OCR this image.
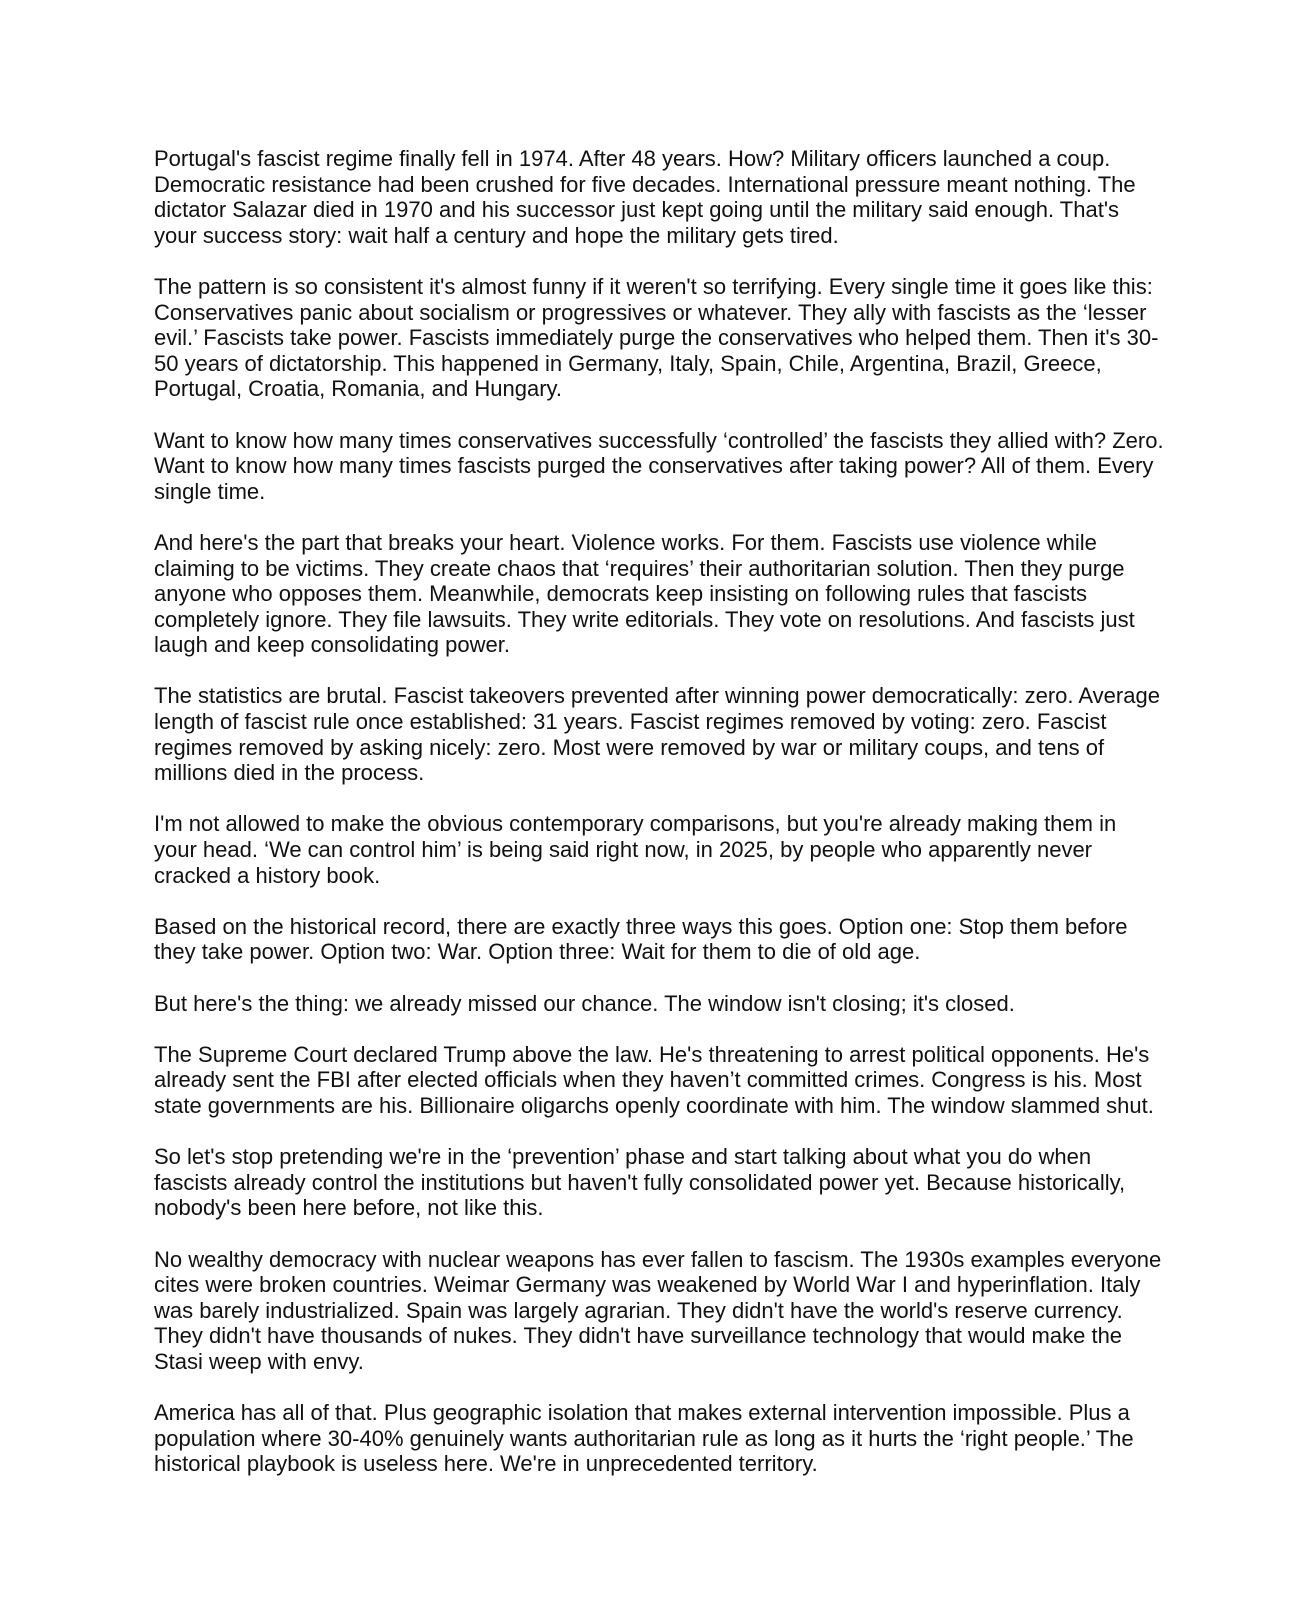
Portugal's fascist regime finally fell in 1974. After 48 years. How? Military officers launched a coup. Democratic resistance had been crushed for five decades. International pressure meant nothing. The dictator Salazar died in 1970 and his successor just kept going until the military said enough. That's your success story: wait half a century and hope the military gets tired.

The pattern is so consistent it's almost funny if it weren't so terrifying. Every single time it goes like this: Conservatives panic about socialism or progressives or whatever. They ally with fascists as the ‘lesser evil.’ Fascists take power. Fascists immediately purge the conservatives who helped them. Then it's 30-50 years of dictatorship. This happened in Germany, Italy, Spain, Chile, Argentina, Brazil, Greece, Portugal, Croatia, Romania, and Hungary.

Want to know how many times conservatives successfully ‘controlled’ the fascists they allied with? Zero. Want to know how many times fascists purged the conservatives after taking power? All of them. Every single time.

And here's the part that breaks your heart. Violence works. For them. Fascists use violence while claiming to be victims. They create chaos that ‘requires’ their authoritarian solution. Then they purge anyone who opposes them. Meanwhile, democrats keep insisting on following rules that fascists completely ignore. They file lawsuits. They write editorials. They vote on resolutions. And fascists just laugh and keep consolidating power.

The statistics are brutal. Fascist takeovers prevented after winning power democratically: zero. Average length of fascist rule once established: 31 years. Fascist regimes removed by voting: zero. Fascist regimes removed by asking nicely: zero. Most were removed by war or military coups, and tens of millions died in the process.

I'm not allowed to make the obvious contemporary comparisons, but you're already making them in your head. ‘We can control him’ is being said right now, in 2025, by people who apparently never cracked a history book.

Based on the historical record, there are exactly three ways this goes. Option one: Stop them before they take power. Option two: War. Option three: Wait for them to die of old age.

But here's the thing: we already missed our chance. The window isn't closing; it's closed.

The Supreme Court declared Trump above the law. He's threatening to arrest political opponents. He's already sent the FBI after elected officials when they haven’t committed crimes. Congress is his. Most state governments are his. Billionaire oligarchs openly coordinate with him. The window slammed shut.

So let's stop pretending we're in the ‘prevention’ phase and start talking about what you do when fascists already control the institutions but haven't fully consolidated power yet. Because historically, nobody's been here before, not like this.

No wealthy democracy with nuclear weapons has ever fallen to fascism. The 1930s examples everyone cites were broken countries. Weimar Germany was weakened by World War I and hyperinflation. Italy was barely industrialized. Spain was largely agrarian. They didn't have the world's reserve currency. They didn't have thousands of nukes. They didn't have surveillance technology that would make the Stasi weep with envy.

America has all of that. Plus geographic isolation that makes external intervention impossible. Plus a population where 30-40% genuinely wants authoritarian rule as long as it hurts the ‘right people.’ The historical playbook is useless here. We're in unprecedented territory.
